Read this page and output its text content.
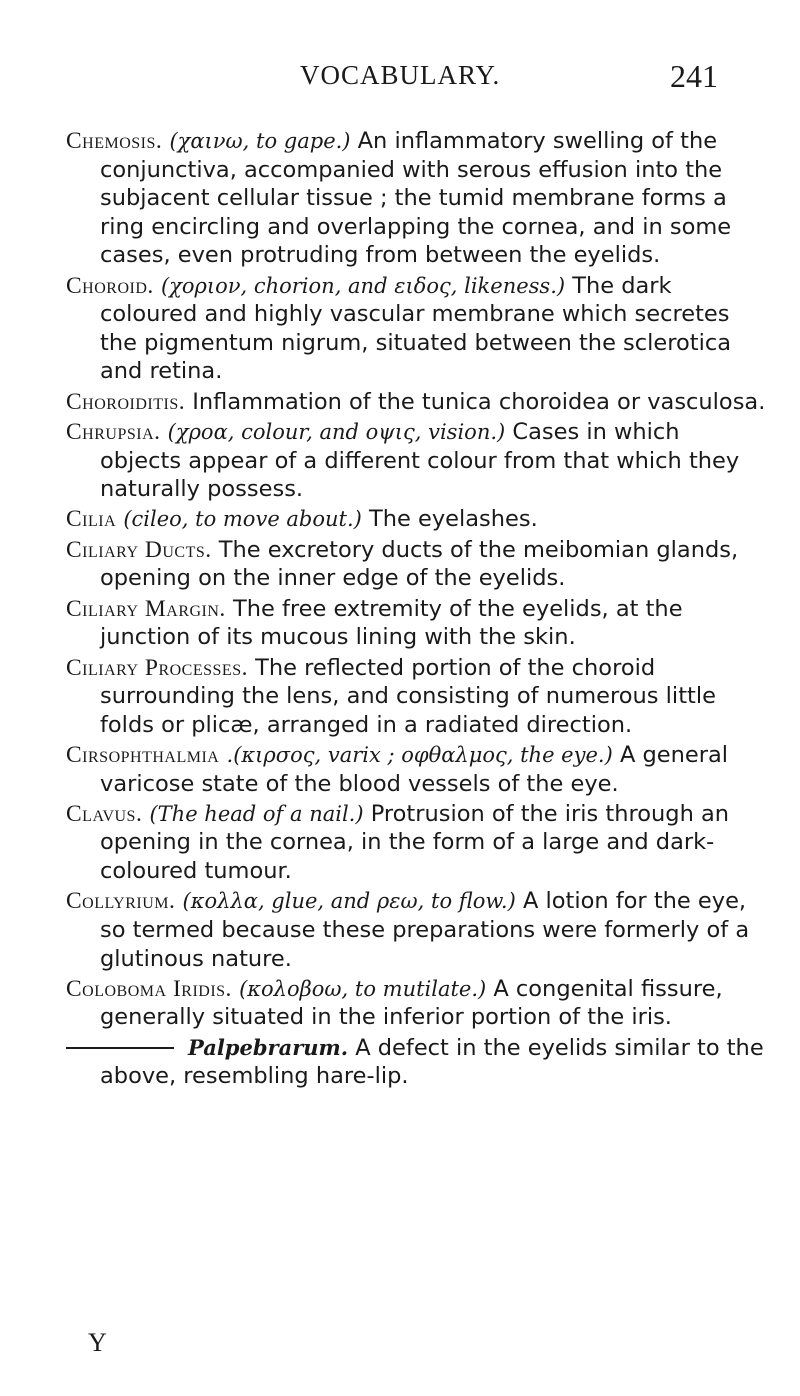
VOCABULARY.	241

Chemosis. (χαινω, to gape.) An inflammatory swelling of the conjunctiva, accompanied with serous effusion into the subjacent cellular tissue ; the tumid membrane forms a ring encircling and overlapping the cornea, and in some cases, even protruding from between the eyelids.

Choroid. (χοριον, chorion, and ειδος, likeness.) The dark coloured and highly vascular membrane which secretes the pigmentum nigrum, situated between the sclerotica and retina.

Choroiditis. Inflammation of the tunica choroidea or vasculosa.

Chrupsia. (χροα, colour, and οψις, vision.) Cases in which objects appear of a different colour from that which they naturally possess.

Cilia (cileo, to move about.) The eyelashes.

Ciliary Ducts. The excretory ducts of the meibomian glands, opening on the inner edge of the eyelids.

Ciliary Margin. The free extremity of the eyelids, at the junction of its mucous lining with the skin.

Ciliary Processes. The reflected portion of the choroid surrounding the lens, and consisting of numerous little folds or plicæ, arranged in a radiated direction.

Cirsophthalmia .(κιρσος, varix ; οφθαλμος, the eye.) A general varicose state of the blood vessels of the eye.

Clavus. (The head of a nail.) Protrusion of the iris through an opening in the cornea, in the form of a large and dark-coloured tumour.

Collyrium. (κολλα, glue, and ρεω, to flow.) A lotion for the eye, so termed because these preparations were formerly of a glutinous nature.

Coloboma Iridis. (κολοβοω, to mutilate.) A congenital fissure, generally situated in the inferior portion of the iris.

Palpebrarum. A defect in the eyelids similar to the above, resembling hare-lip.

Y
